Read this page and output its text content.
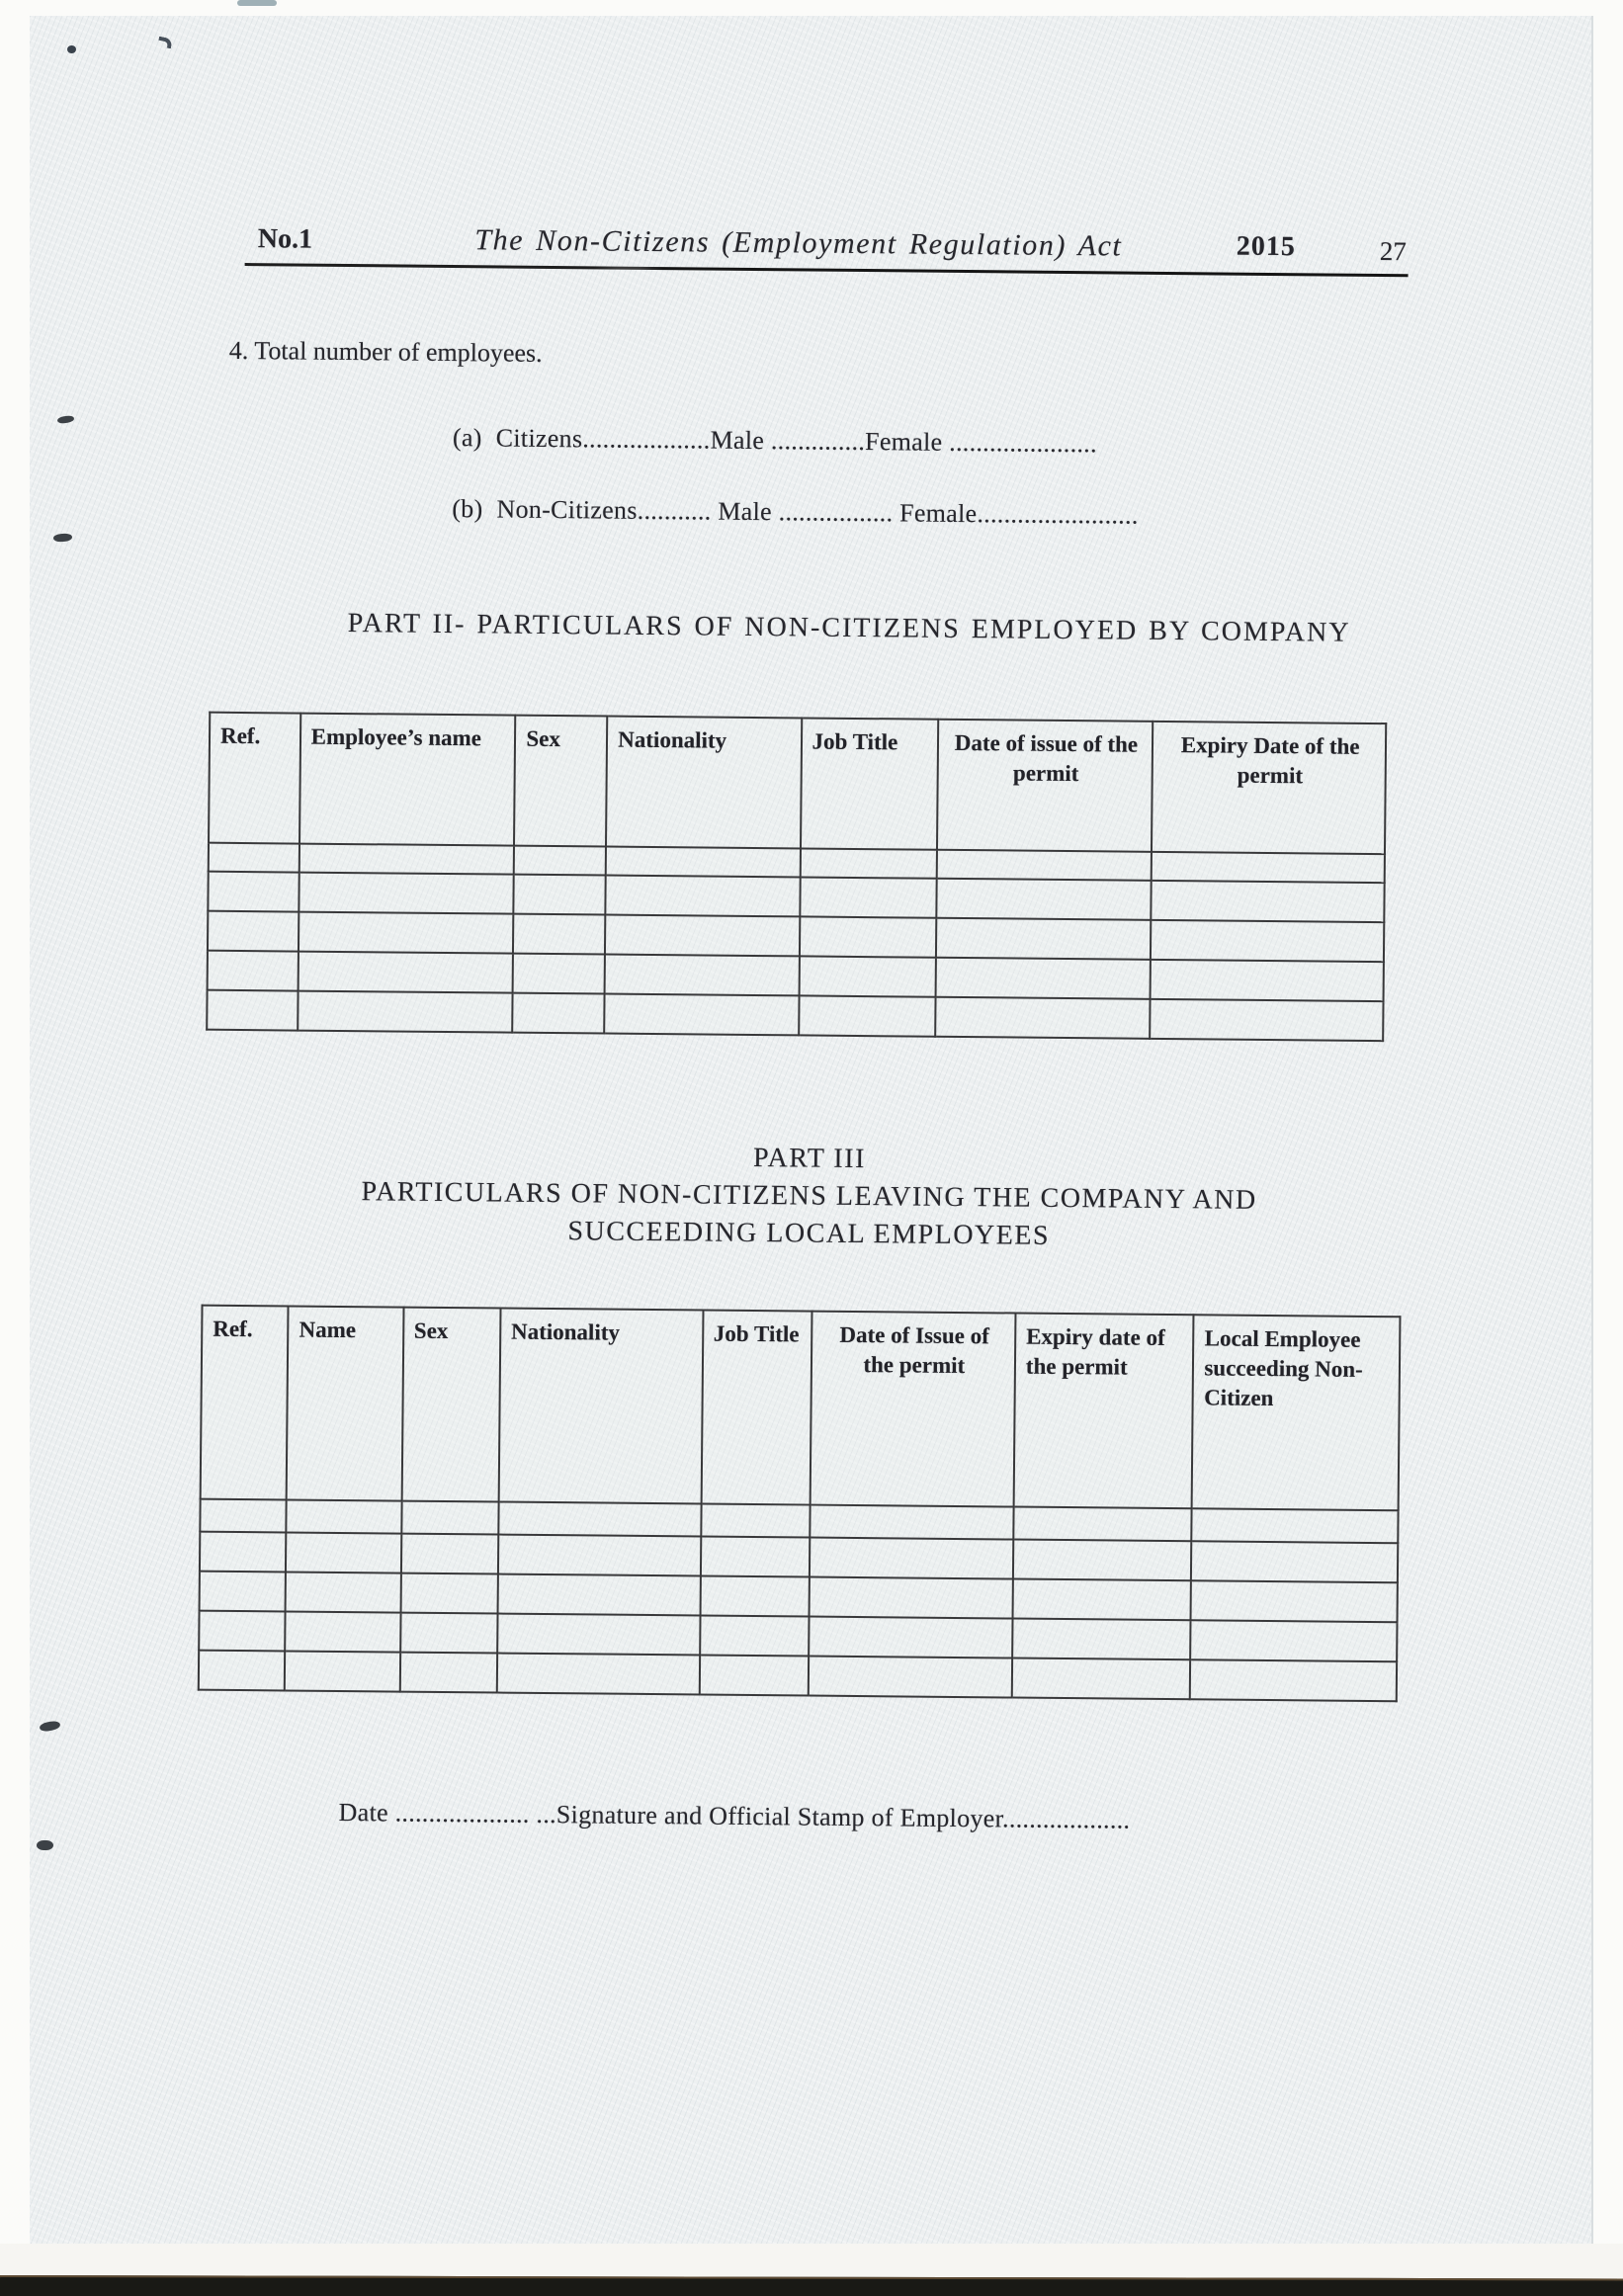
No.1	The Non-Citizens (Employment Regulation) Act	2015	27
4. Total number of employees.
(a) Citizens...................Male ..............Female ......................
(b) Non-Citizens........... Male ................. Female........................
PART II- PARTICULARS OF NON-CITIZENS EMPLOYED BY COMPANY
Ref.	Employee’s name	Sex	Nationality	Job Title	Date of issue of the permit	Expiry Date of the permit

PART III
PARTICULARS OF NON-CITIZENS LEAVING THE COMPANY AND
SUCCEEDING LOCAL EMPLOYEES
Ref.	Name	Sex	Nationality	Job Title	Date of Issue of the permit	Expiry date of the permit	Local Employee succeeding Non-Citizen

Date .................... ...Signature and Official Stamp of Employer...................
